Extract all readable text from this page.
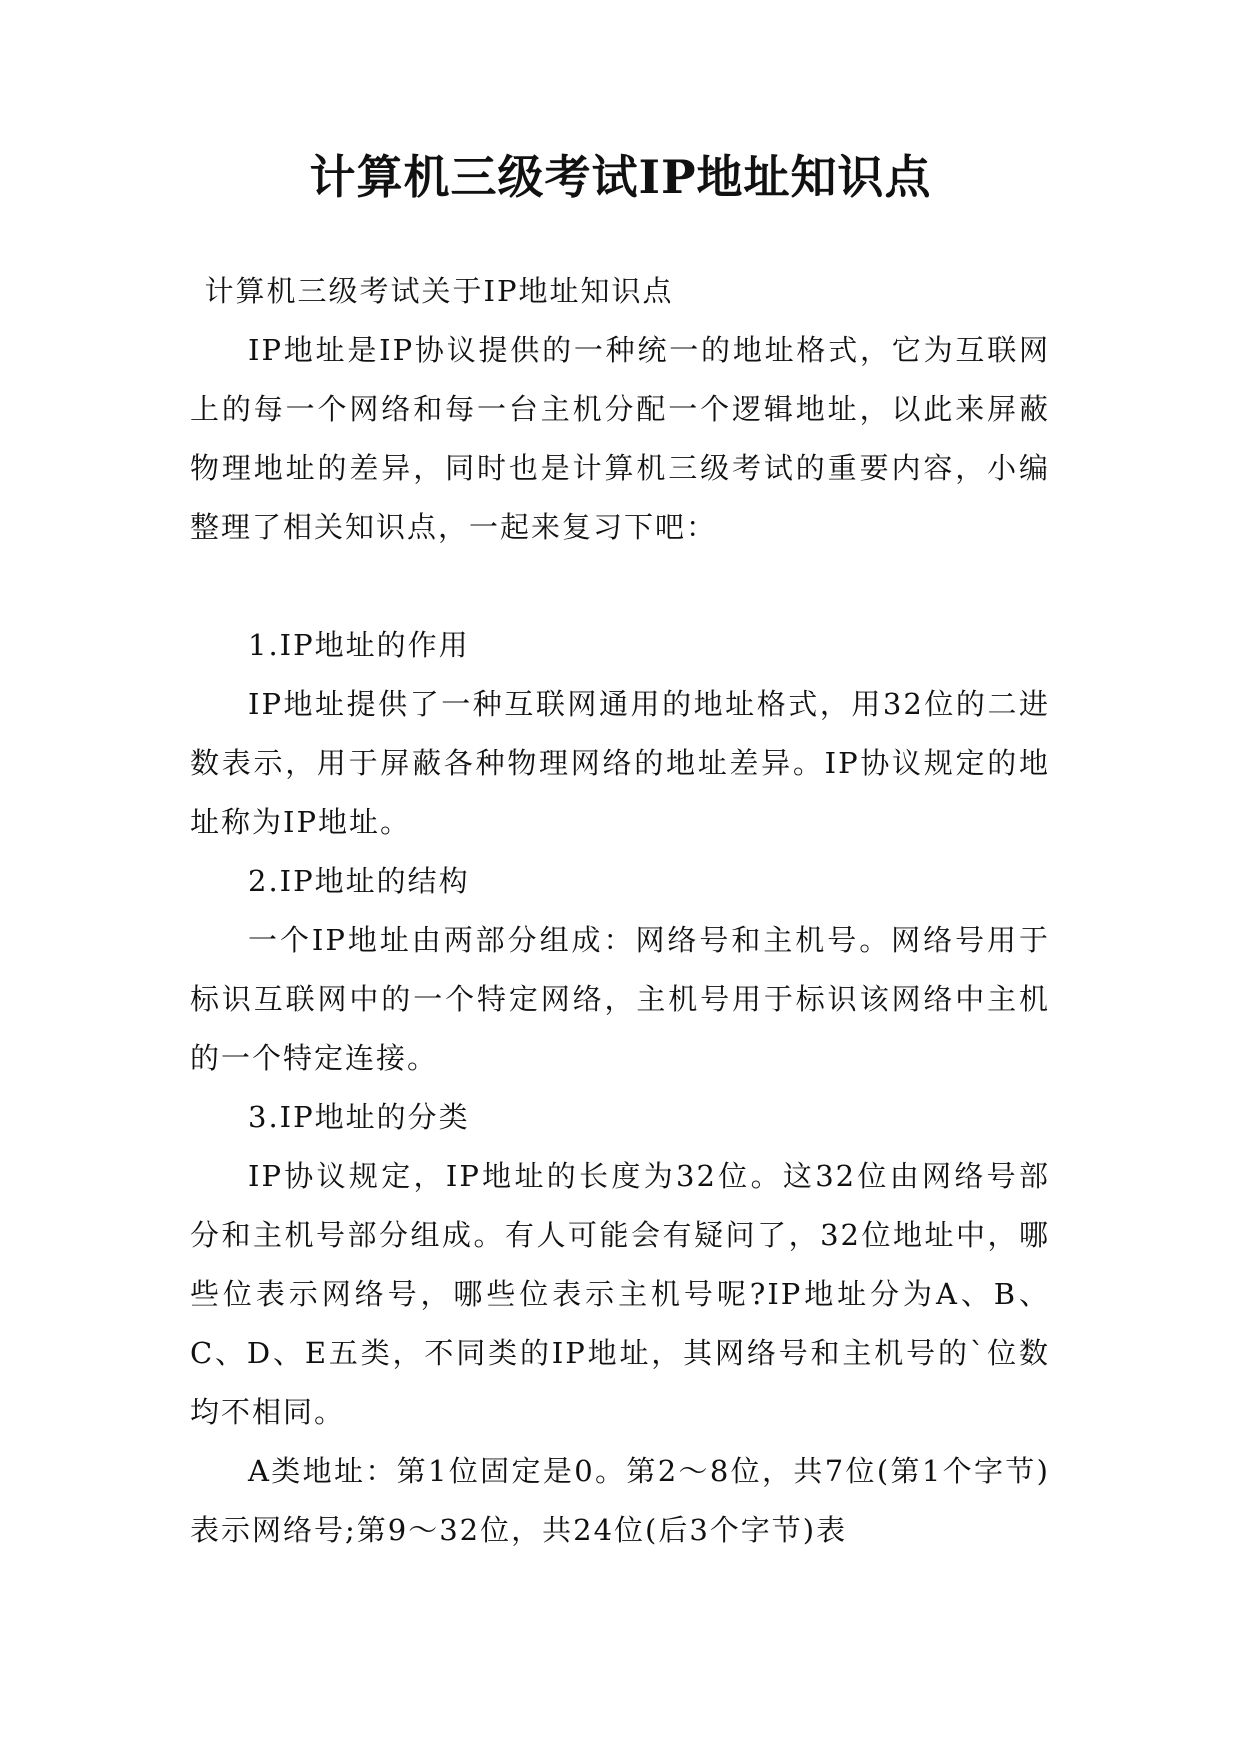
计算机三级考试IP地址知识点

计算机三级考试关于IP地址知识点

IP地址是IP协议提供的一种统一的地址格式，它为互联网上的每一个网络和每一台主机分配一个逻辑地址，以此来屏蔽物理地址的差异，同时也是计算机三级考试的重要内容，小编整理了相关知识点，一起来复习下吧：

1.IP地址的作用

IP地址提供了一种互联网通用的地址格式，用32位的二进数表示，用于屏蔽各种物理网络的地址差异。IP协议规定的地址称为IP地址。

2.IP地址的结构

一个IP地址由两部分组成：网络号和主机号。网络号用于标识互联网中的一个特定网络，主机号用于标识该网络中主机的一个特定连接。

3.IP地址的分类

IP协议规定，IP地址的长度为32位。这32位由网络号部分和主机号部分组成。有人可能会有疑问了，32位地址中，哪些位表示网络号，哪些位表示主机号呢?IP地址分为A、B、C、D、E五类，不同类的IP地址，其网络号和主机号的`位数均不相同。

A类地址：第1位固定是0。第2～8位，共7位(第1个字节)表示网络号;第9～32位，共24位(后3个字节)表
